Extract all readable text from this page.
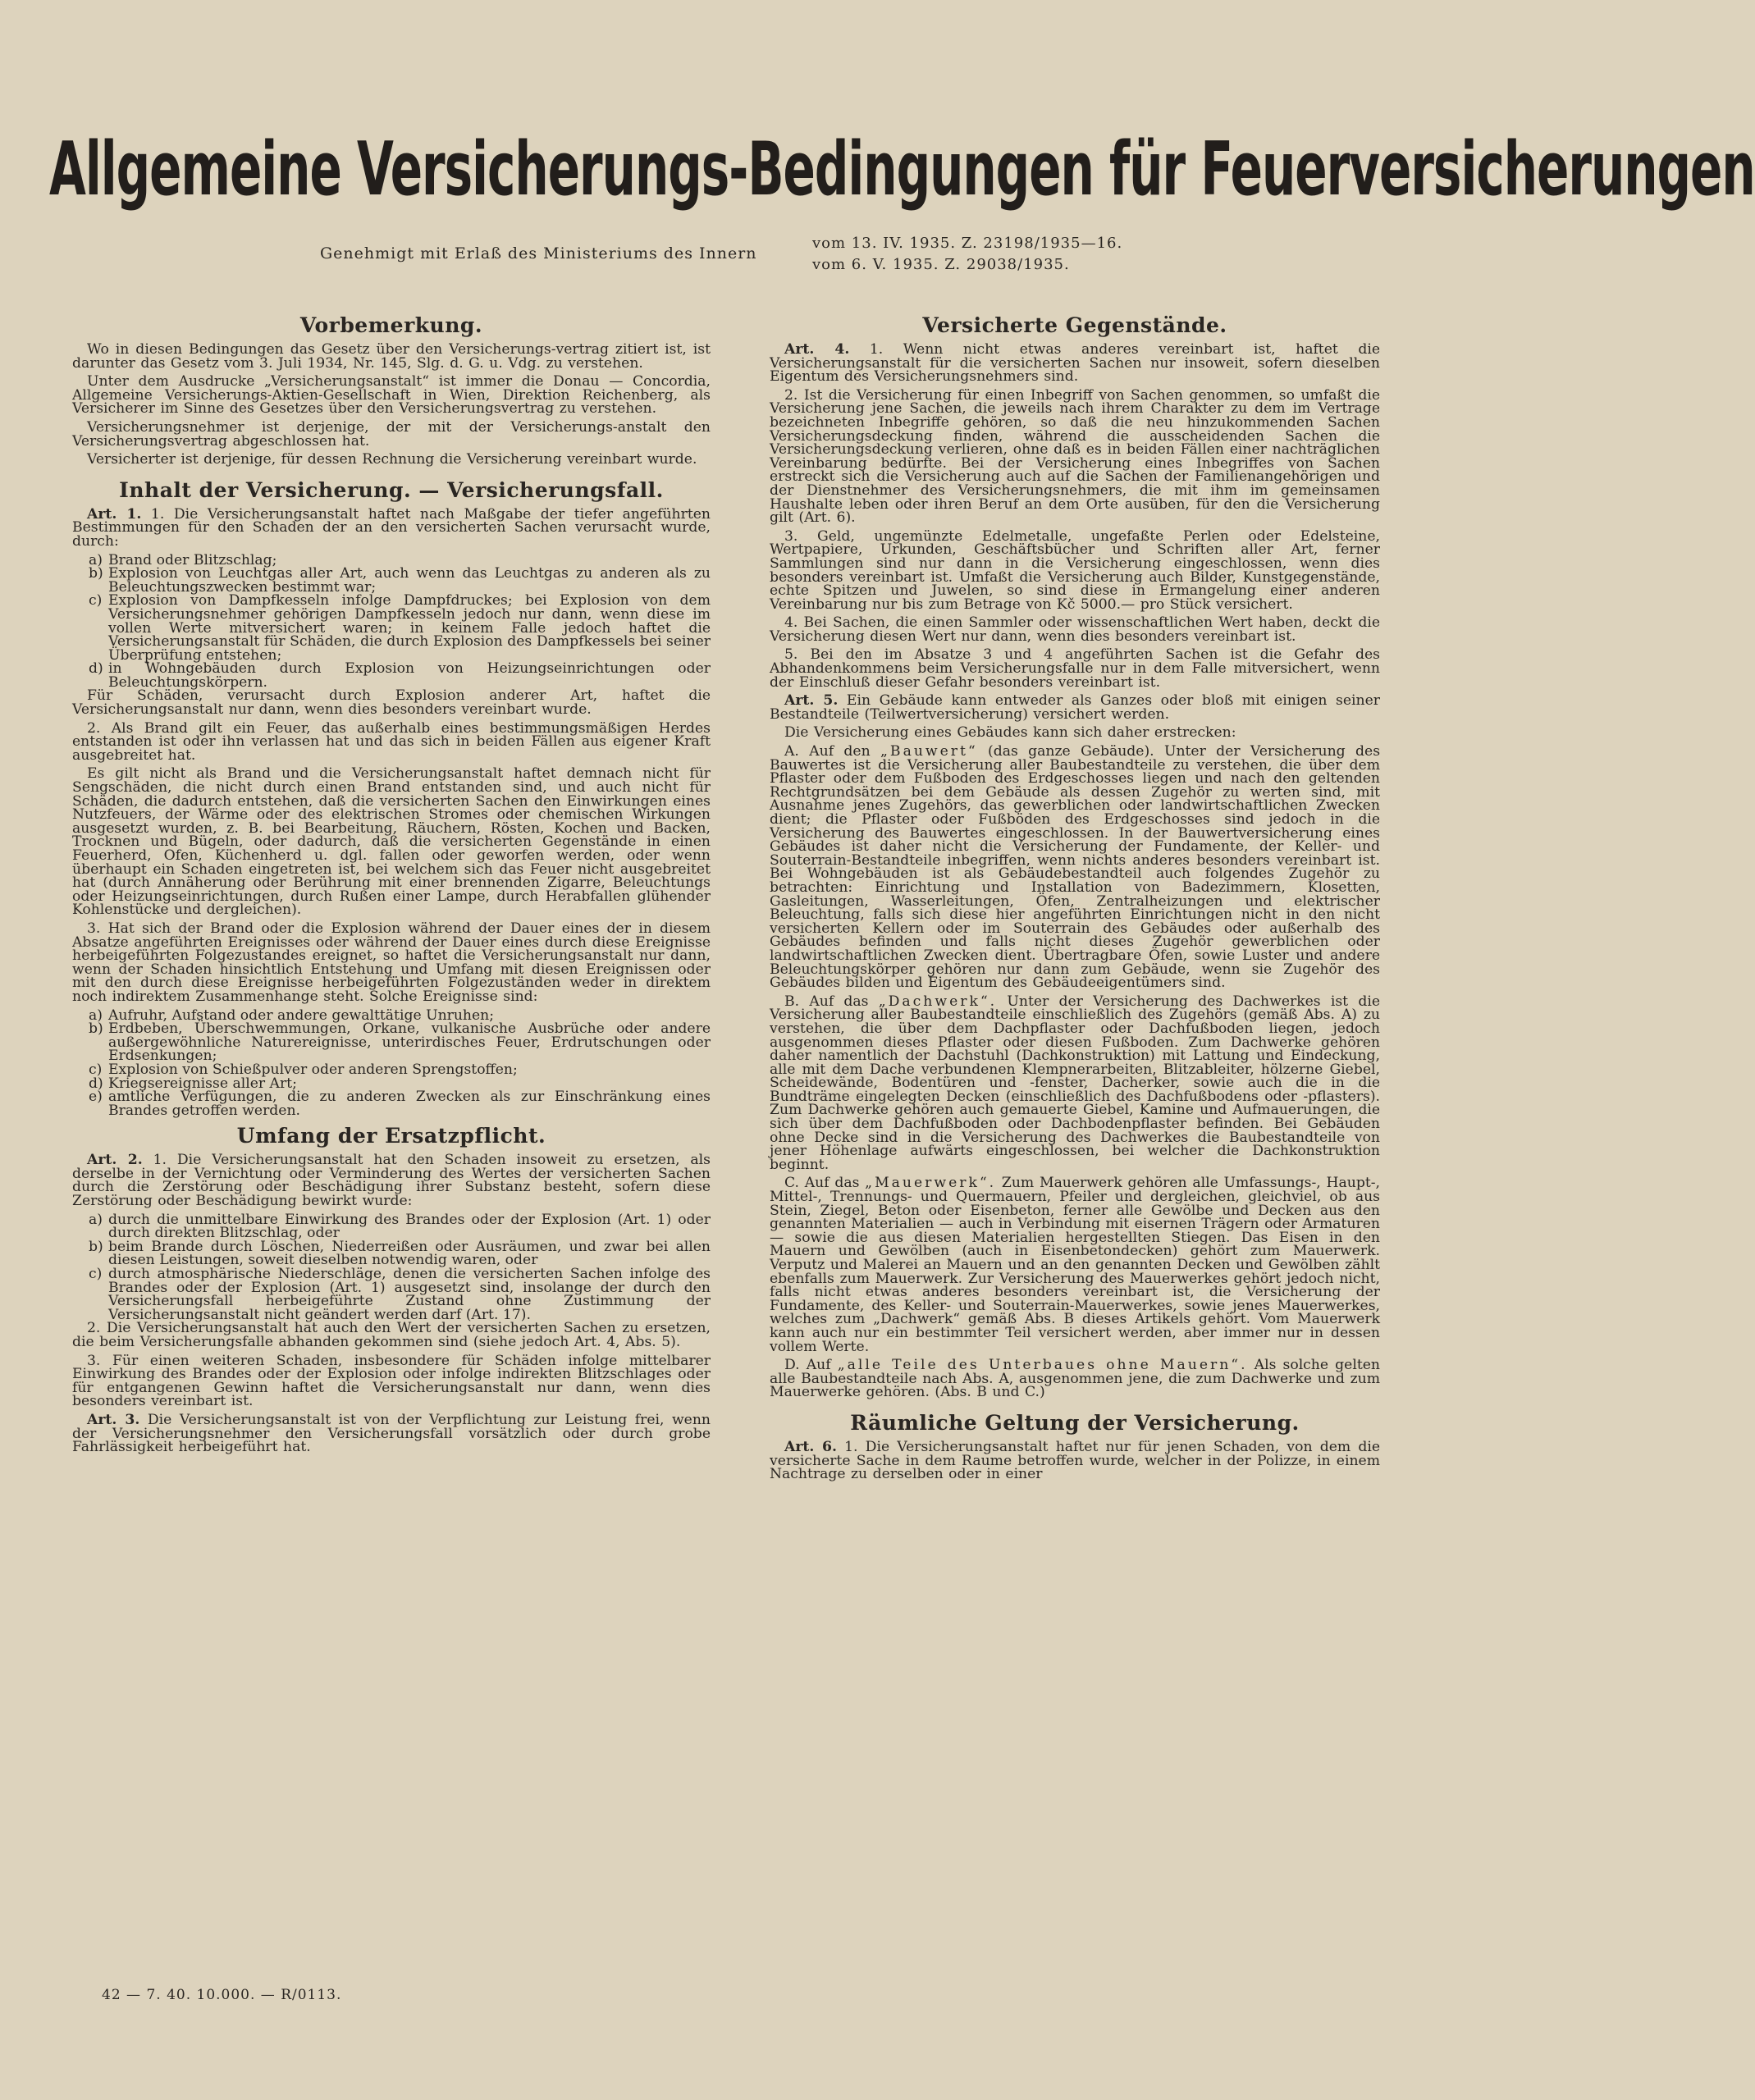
Allgemeine Versicherungs-Bedingungen für Feuerversicherungen
Genehmigt mit Erlaß des Ministeriums des Innern
vom 13. IV. 1935. Z. 23198/1935—16.
vom 6. V. 1935. Z. 29038/1935.
Vorbemerkung.
Wo in diesen Bedingungen das Gesetz über den Versicherungs-vertrag zitiert ist, ist darunter das Gesetz vom 3. Juli 1934, Nr. 145, Slg. d. G. u. Vdg. zu verstehen.
Unter dem Ausdrucke „Versicherungsanstalt“ ist immer die Donau — Concordia, Allgemeine Versicherungs-Aktien-Gesellschaft in Wien, Direktion Reichenberg, als Versicherer im Sinne des Gesetzes über den Versicherungsvertrag zu verstehen.
Versicherungsnehmer ist derjenige, der mit der Versicherungs-anstalt den Versicherungsvertrag abgeschlossen hat.
Versicherter ist derjenige, für dessen Rechnung die Versicherung vereinbart wurde.
Inhalt der Versicherung. — Versicherungsfall.
Art. 1. 1. Die Versicherungsanstalt haftet nach Maßgabe der tiefer angeführten Bestimmungen für den Schaden der an den versicherten Sachen verursacht wurde, durch:
a) Brand oder Blitzschlag;
b) Explosion von Leuchtgas aller Art, auch wenn das Leuchtgas zu anderen als zu Beleuchtungszwecken bestimmt war;
c) Explosion von Dampfkesseln infolge Dampfdruckes; bei Explosion von dem Versicherungsnehmer gehörigen Dampfkesseln jedoch nur dann, wenn diese im vollen Werte mitversichert waren; in keinem Falle jedoch haftet die Versicherungsanstalt für Schäden, die durch Explosion des Dampfkessels bei seiner Überprüfung entstehen;
d) in Wohngebäuden durch Explosion von Heizungseinrichtungen oder Beleuchtungskörpern.
Für Schäden, verursacht durch Explosion anderer Art, haftet die Versicherungsanstalt nur dann, wenn dies besonders vereinbart wurde.
2. Als Brand gilt ein Feuer, das außerhalb eines bestimmungsmäßigen Herdes entstanden ist oder ihn verlassen hat und das sich in beiden Fällen aus eigener Kraft ausgebreitet hat.
Es gilt nicht als Brand und die Versicherungsanstalt haftet demnach nicht für Sengschäden, die nicht durch einen Brand entstanden sind, und auch nicht für Schäden, die dadurch entstehen, daß die versicherten Sachen den Einwirkungen eines Nutzfeuers, der Wärme oder des elektrischen Stromes oder chemischen Wirkungen ausgesetzt wurden, z. B. bei Bearbeitung, Räuchern, Rösten, Kochen und Backen, Trocknen und Bügeln, oder dadurch, daß die versicherten Gegenstände in einen Feuerherd, Ofen, Küchenherd u. dgl. fallen oder geworfen werden, oder wenn überhaupt ein Schaden eingetreten ist, bei welchem sich das Feuer nicht ausgebreitet hat (durch Annäherung oder Berührung mit einer brennenden Zigarre, Beleuchtungs oder Heizungseinrichtungen, durch Rußen einer Lampe, durch Herabfallen glühender Kohlenstücke und dergleichen).
3. Hat sich der Brand oder die Explosion während der Dauer eines der in diesem Absatze angeführten Ereignisses oder während der Dauer eines durch diese Ereignisse herbeigeführten Folgezustandes ereignet, so haftet die Versicherungsanstalt nur dann, wenn der Schaden hinsichtlich Entstehung und Umfang mit diesen Ereignissen oder mit den durch diese Ereignisse herbeigeführten Folgezuständen weder in direktem noch indirektem Zusammenhange steht. Solche Ereignisse sind:
a) Aufruhr, Aufstand oder andere gewalttätige Unruhen;
b) Erdbeben, Überschwemmungen, Orkane, vulkanische Ausbrüche oder andere außergewöhnliche Naturereignisse, unterirdisches Feuer, Erdrutschungen oder Erdsenkungen;
c) Explosion von Schießpulver oder anderen Sprengstoffen;
d) Kriegsereignisse aller Art;
e) amtliche Verfügungen, die zu anderen Zwecken als zur Einschränkung eines Brandes getroffen werden.
Umfang der Ersatzpflicht.
Art. 2. 1. Die Versicherungsanstalt hat den Schaden insoweit zu ersetzen, als derselbe in der Vernichtung oder Verminderung des Wertes der versicherten Sachen durch die Zerstörung oder Beschädigung ihrer Substanz besteht, sofern diese Zerstörung oder Beschädigung bewirkt wurde:
a) durch die unmittelbare Einwirkung des Brandes oder der Explosion (Art. 1) oder durch direkten Blitzschlag, oder
b) beim Brande durch Löschen, Niederreißen oder Ausräumen, und zwar bei allen diesen Leistungen, soweit dieselben notwendig waren, oder
c) durch atmosphärische Niederschläge, denen die versicherten Sachen infolge des Brandes oder der Explosion (Art. 1) ausgesetzt sind, insolange der durch den Versicherungsfall herbeigeführte Zustand ohne Zustimmung der Versicherungsanstalt nicht geändert werden darf (Art. 17).
2. Die Versicherungsanstalt hat auch den Wert der versicherten Sachen zu ersetzen, die beim Versicherungsfalle abhanden gekommen sind (siehe jedoch Art. 4, Abs. 5).
3. Für einen weiteren Schaden, insbesondere für Schäden infolge mittelbarer Einwirkung des Brandes oder der Explosion oder infolge indirekten Blitzschlages oder für entgangenen Gewinn haftet die Versicherungsanstalt nur dann, wenn dies besonders vereinbart ist.
Art. 3. Die Versicherungsanstalt ist von der Verpflichtung zur Leistung frei, wenn der Versicherungsnehmer den Versicherungsfall vorsätzlich oder durch grobe Fahrlässigkeit herbeigeführt hat.
Versicherte Gegenstände.
Art. 4. 1. Wenn nicht etwas anderes vereinbart ist, haftet die Versicherungsanstalt für die versicherten Sachen nur insoweit, sofern dieselben Eigentum des Versicherungsnehmers sind.
2. Ist die Versicherung für einen Inbegriff von Sachen genommen, so umfaßt die Versicherung jene Sachen, die jeweils nach ihrem Charakter zu dem im Vertrage bezeichneten Inbegriffe gehören, so daß die neu hinzukommenden Sachen Versicherungsdeckung finden, während die ausscheidenden Sachen die Versicherungsdeckung verlieren, ohne daß es in beiden Fällen einer nachträglichen Vereinbarung bedürfte. Bei der Versicherung eines Inbegriffes von Sachen erstreckt sich die Versicherung auch auf die Sachen der Familienangehörigen und der Dienstnehmer des Versicherungsnehmers, die mit ihm im gemeinsamen Haushalte leben oder ihren Beruf an dem Orte ausüben, für den die Versicherung gilt (Art. 6).
3. Geld, ungemünzte Edelmetalle, ungefaßte Perlen oder Edelsteine, Wertpapiere, Urkunden, Geschäftsbücher und Schriften aller Art, ferner Sammlungen sind nur dann in die Versicherung eingeschlossen, wenn dies besonders vereinbart ist. Umfaßt die Versicherung auch Bilder, Kunstgegenstände, echte Spitzen und Juwelen, so sind diese in Ermangelung einer anderen Vereinbarung nur bis zum Betrage von Kč 5000.— pro Stück versichert.
4. Bei Sachen, die einen Sammler oder wissenschaftlichen Wert haben, deckt die Versicherung diesen Wert nur dann, wenn dies besonders vereinbart ist.
5. Bei den im Absatze 3 und 4 angeführten Sachen ist die Gefahr des Abhandenkommens beim Versicherungsfalle nur in dem Falle mitversichert, wenn der Einschluß dieser Gefahr besonders vereinbart ist.
Art. 5. Ein Gebäude kann entweder als Ganzes oder bloß mit einigen seiner Bestandteile (Teilwertversicherung) versichert werden.
Die Versicherung eines Gebäudes kann sich daher erstrecken:
A. Auf den „Bauwert“ (das ganze Gebäude). Unter der Versicherung des Bauwertes ist die Versicherung aller Baubestandteile zu verstehen, die über dem Pflaster oder dem Fußboden des Erdgeschosses liegen und nach den geltenden Rechtgrundsätzen bei dem Gebäude als dessen Zugehör zu werten sind, mit Ausnahme jenes Zugehörs, das gewerblichen oder landwirtschaftlichen Zwecken dient; die Pflaster oder Fußböden des Erdgeschosses sind jedoch in die Versicherung des Bauwertes eingeschlossen. In der Bauwertversicherung eines Gebäudes ist daher nicht die Versicherung der Fundamente, der Keller- und Souterrain-Bestandteile inbegriffen, wenn nichts anderes besonders vereinbart ist. Bei Wohngebäuden ist als Gebäudebestandteil auch folgendes Zugehör zu betrachten: Einrichtung und Installation von Badezimmern, Klosetten, Gasleitungen, Wasserleitungen, Öfen, Zentralheizungen und elektrischer Beleuchtung, falls sich diese hier angeführten Einrichtungen nicht in den nicht versicherten Kellern oder im Souterrain des Gebäudes oder außerhalb des Gebäudes befinden und falls nicht dieses Zugehör gewerblichen oder landwirtschaftlichen Zwecken dient. Übertragbare Öfen, sowie Luster und andere Beleuchtungskörper gehören nur dann zum Gebäude, wenn sie Zugehör des Gebäudes bilden und Eigentum des Gebäudeeigentümers sind.
B. Auf das „Dachwerk“. Unter der Versicherung des Dachwerkes ist die Versicherung aller Baubestandteile einschließlich des Zugehörs (gemäß Abs. A) zu verstehen, die über dem Dachpflaster oder Dachfußboden liegen, jedoch ausgenommen dieses Pflaster oder diesen Fußboden. Zum Dachwerke gehören daher namentlich der Dachstuhl (Dachkonstruktion) mit Lattung und Eindeckung, alle mit dem Dache verbundenen Klempnerarbeiten, Blitzableiter, hölzerne Giebel, Scheidewände, Bodentüren und -fenster, Dacherker, sowie auch die in die Bundträme eingelegten Decken (einschließlich des Dachfußbodens oder -pflasters). Zum Dachwerke gehören auch gemauerte Giebel, Kamine und Aufmauerungen, die sich über dem Dachfußboden oder Dachbodenpflaster befinden. Bei Gebäuden ohne Decke sind in die Versicherung des Dachwerkes die Baubestandteile von jener Höhenlage aufwärts eingeschlossen, bei welcher die Dachkonstruktion beginnt.
C. Auf das „Mauerwerk“. Zum Mauerwerk gehören alle Umfassungs-, Haupt-, Mittel-, Trennungs- und Quermauern, Pfeiler und dergleichen, gleichviel, ob aus Stein, Ziegel, Beton oder Eisenbeton, ferner alle Gewölbe und Decken aus den genannten Materialien — auch in Verbindung mit eisernen Trägern oder Armaturen — sowie die aus diesen Materialien hergestellten Stiegen. Das Eisen in den Mauern und Gewölben (auch in Eisenbetondecken) gehört zum Mauerwerk. Verputz und Malerei an Mauern und an den genannten Decken und Gewölben zählt ebenfalls zum Mauerwerk. Zur Versicherung des Mauerwerkes gehört jedoch nicht, falls nicht etwas anderes besonders vereinbart ist, die Versicherung der Fundamente, des Keller- und Souterrain-Mauerwerkes, sowie jenes Mauerwerkes, welches zum „Dachwerk“ gemäß Abs. B dieses Artikels gehört. Vom Mauerwerk kann auch nur ein bestimmter Teil versichert werden, aber immer nur in dessen vollem Werte.
D. Auf „alle Teile des Unterbaues ohne Mauern“. Als solche gelten alle Baubestandteile nach Abs. A, ausgenommen jene, die zum Dachwerke und zum Mauerwerke gehören. (Abs. B und C.)
Räumliche Geltung der Versicherung.
Art. 6. 1. Die Versicherungsanstalt haftet nur für jenen Schaden, von dem die versicherte Sache in dem Raume betroffen wurde, welcher in der Polizze, in einem Nachtrage zu derselben oder in einer
42 — 7. 40. 10.000. — R/0113.
